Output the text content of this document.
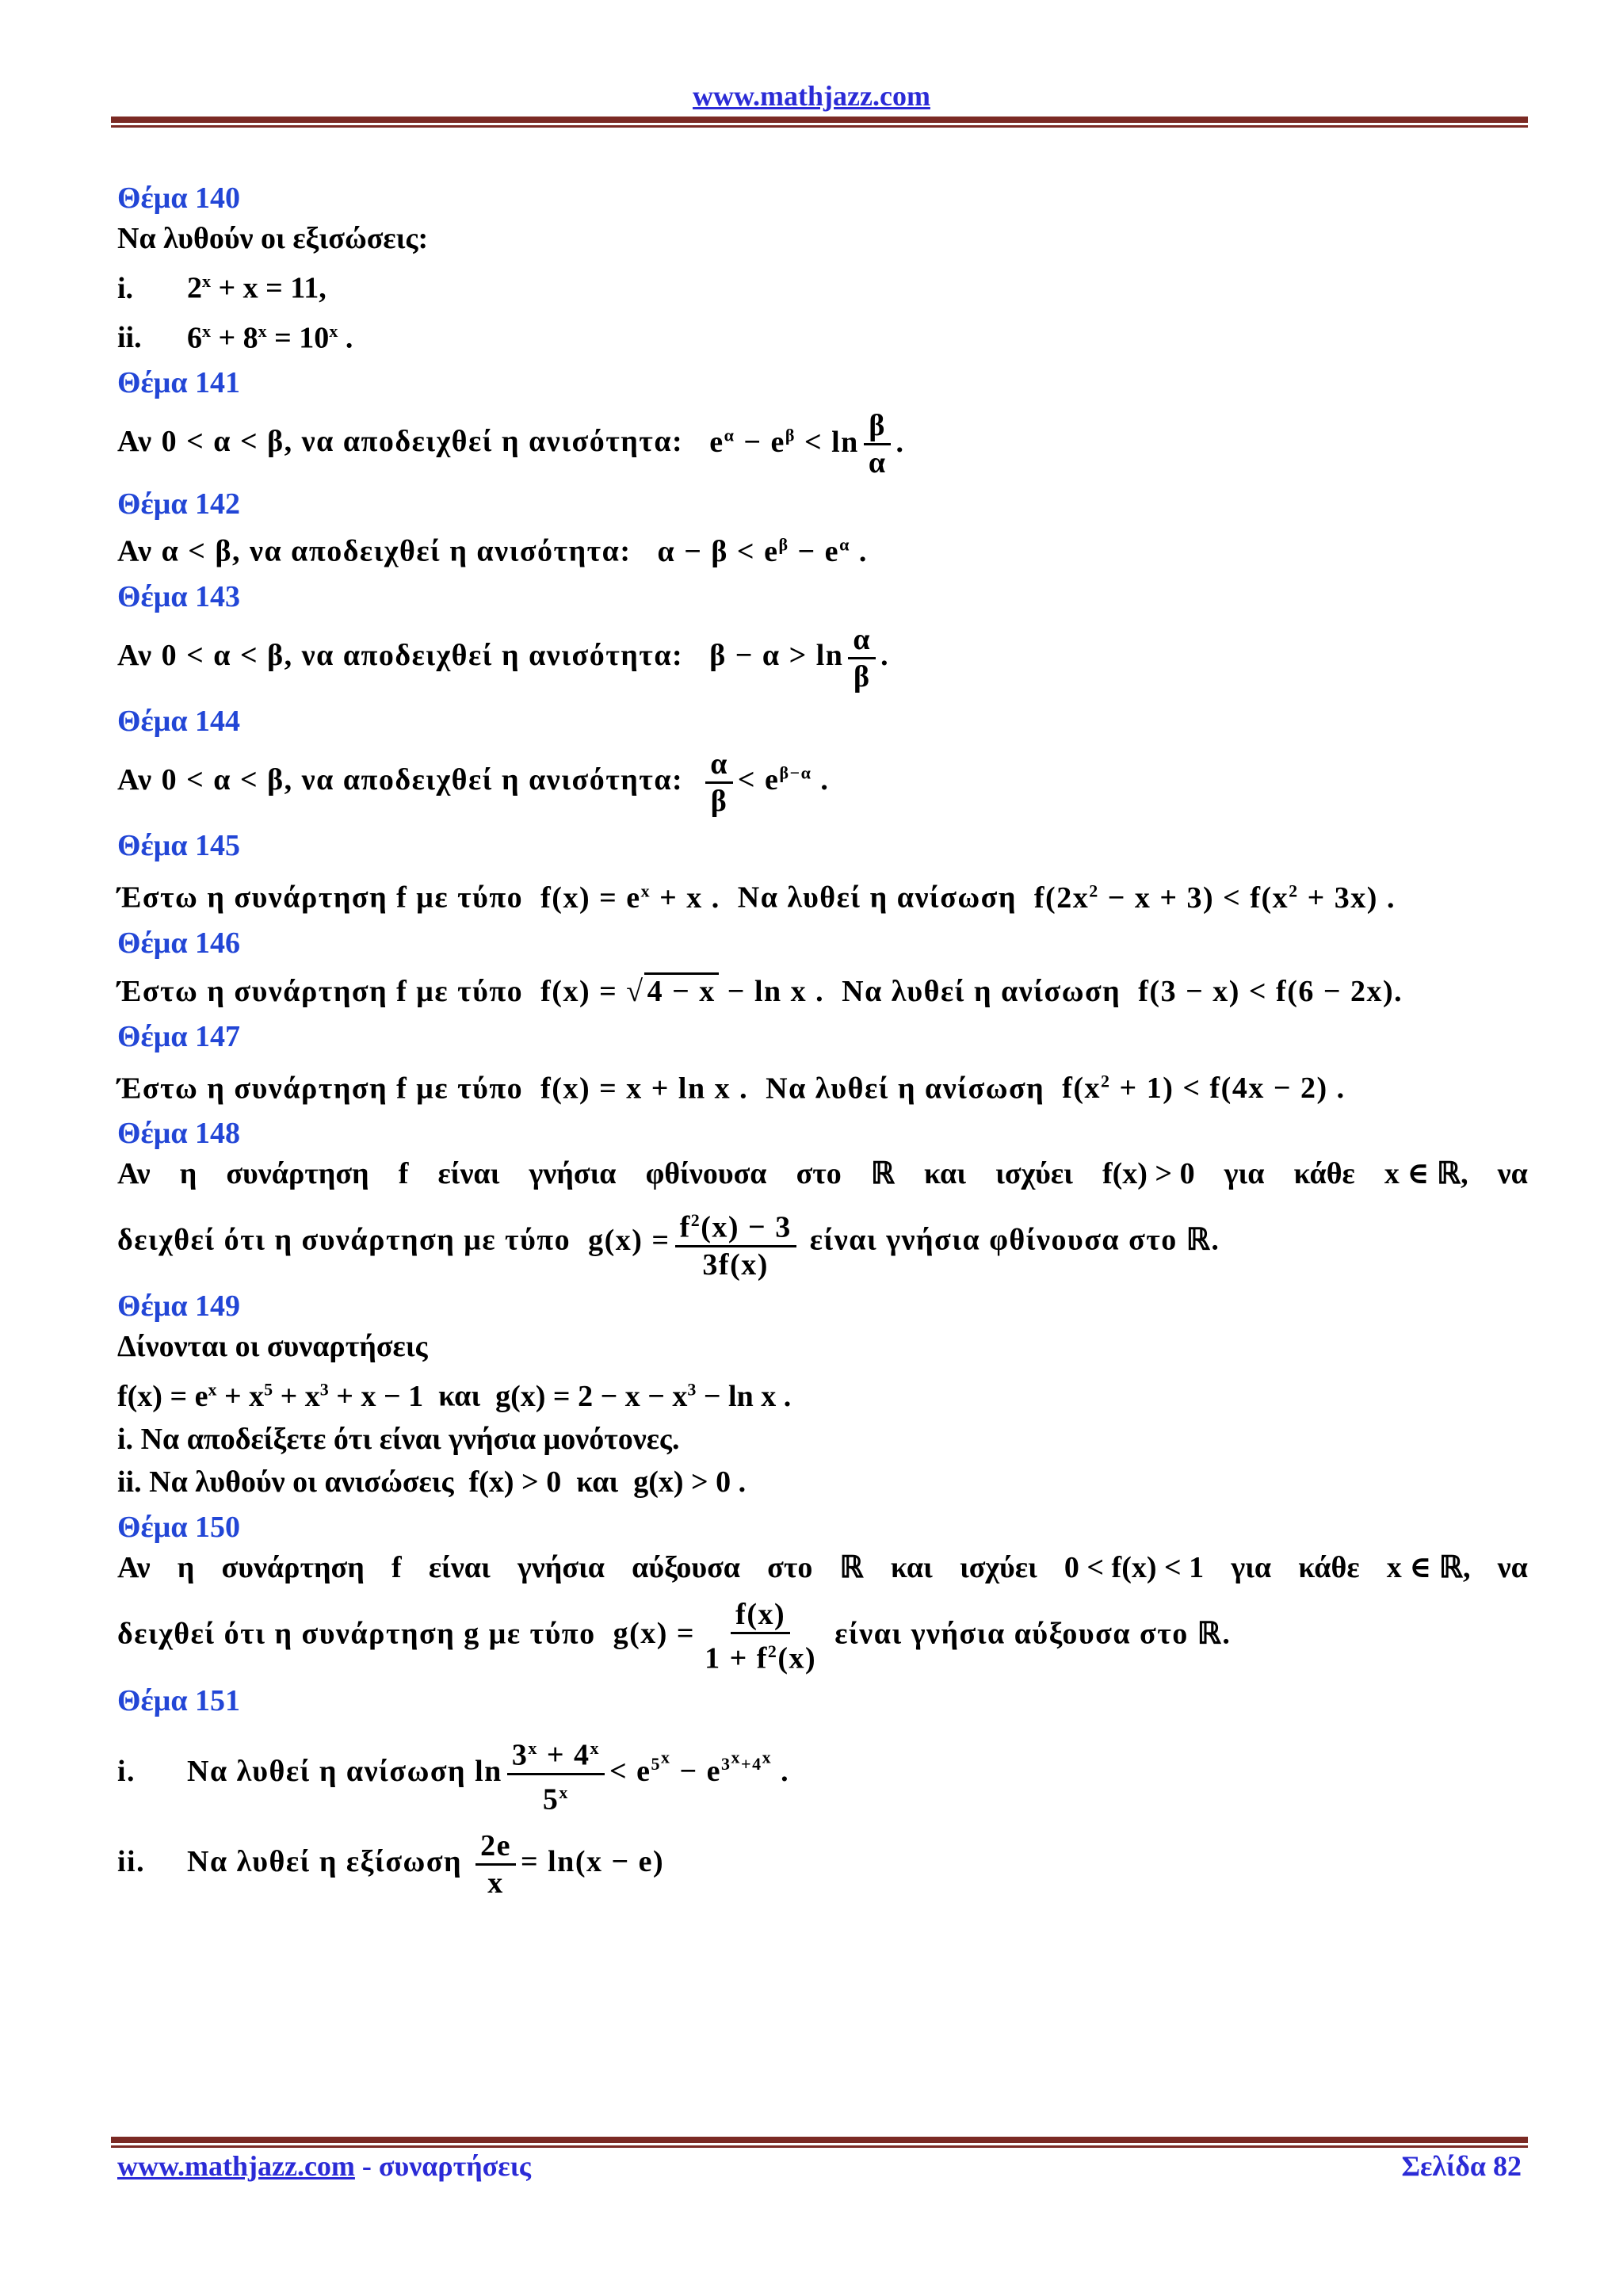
www.mathjazz.com
Θέμα 140
Να λυθούν οι εξισώσεις:
i.	$2^x + x = 11$,
ii.	$6^x + 8^x = 10^x$ .
Θέμα 141
Αν 0 < α < β, να αποδειχθεί η ανισότητα:   $e^\alpha - e^\beta < \ln \frac{\beta}{\alpha}$ .
Θέμα 142
Αν α < β, να αποδειχθεί η ανισότητα:   $\alpha - \beta < e^\beta - e^\alpha$ .
Θέμα 143
Αν 0 < α < β, να αποδειχθεί η ανισότητα:   $\beta - \alpha > \ln \frac{\alpha}{\beta}$ .
Θέμα 144
Αν 0 < α < β, να αποδειχθεί η ανισότητα: $\frac{\alpha}{\beta} < e^{\beta-\alpha}$ .
Θέμα 145
Έστω η συνάρτηση f με τύπο  $f(x) = e^x + x$ .  Να λυθεί η ανίσωση  $f(2x^2 - x + 3) < f(x^2 + 3x)$ .
Θέμα 146
Έστω η συνάρτηση f με τύπο  f(x) = √ 4 − x − ln x .  Να λυθεί η ανίσωση  f(3 − x) < f(6 − 2x).
Θέμα 147
Έστω η συνάρτηση f με τύπο  f(x) = x + ln x .  Να λυθεί η ανίσωση  $f(x^2 + 1) < f(4x - 2)$ .
Θέμα 148
Αν η συνάρτηση f είναι γνήσια φθίνουσα στο ℝ και ισχύει f(x) > 0 για κάθε x ∈ ℝ, να
δειχθεί ότι η συνάρτηση με τύπο  $g(x) = \frac{f^2(x) - 3}{3f(x)}$ είναι γνήσια φθίνουσα στο ℝ.
Θέμα 149
Δίνονται οι συναρτήσεις
$f(x) = e^x + x^5 + x^3 + x - 1$  και  $g(x) = 2 - x - x^3 - \ln x$ .
i. Να αποδείξετε ότι είναι γνήσια μονότονες.
ii. Να λυθούν οι ανισώσεις  f(x) > 0  και  g(x) > 0 .
Θέμα 150
Αν η συνάρτηση f είναι γνήσια αύξουσα στο ℝ και ισχύει 0 < f(x) < 1 για κάθε x ∈ ℝ, να
δειχθεί ότι η συνάρτηση g με τύπο  $g(x) = \frac{f(x)}{1 + f^2(x)}$ είναι γνήσια αύξουσα στο ℝ.
Θέμα 151
i.	Να λυθεί η ανίσωση $\ln \frac{3^x + 4^x}{5^x} < e^{5^x} - e^{3^x+4^x}$ .
ii.	Να λυθεί η εξίσωση
$\frac{2e}{x} = \ln(x - e)$
www.mathjazz.com - συναρτήσεις	Σελίδα 82
